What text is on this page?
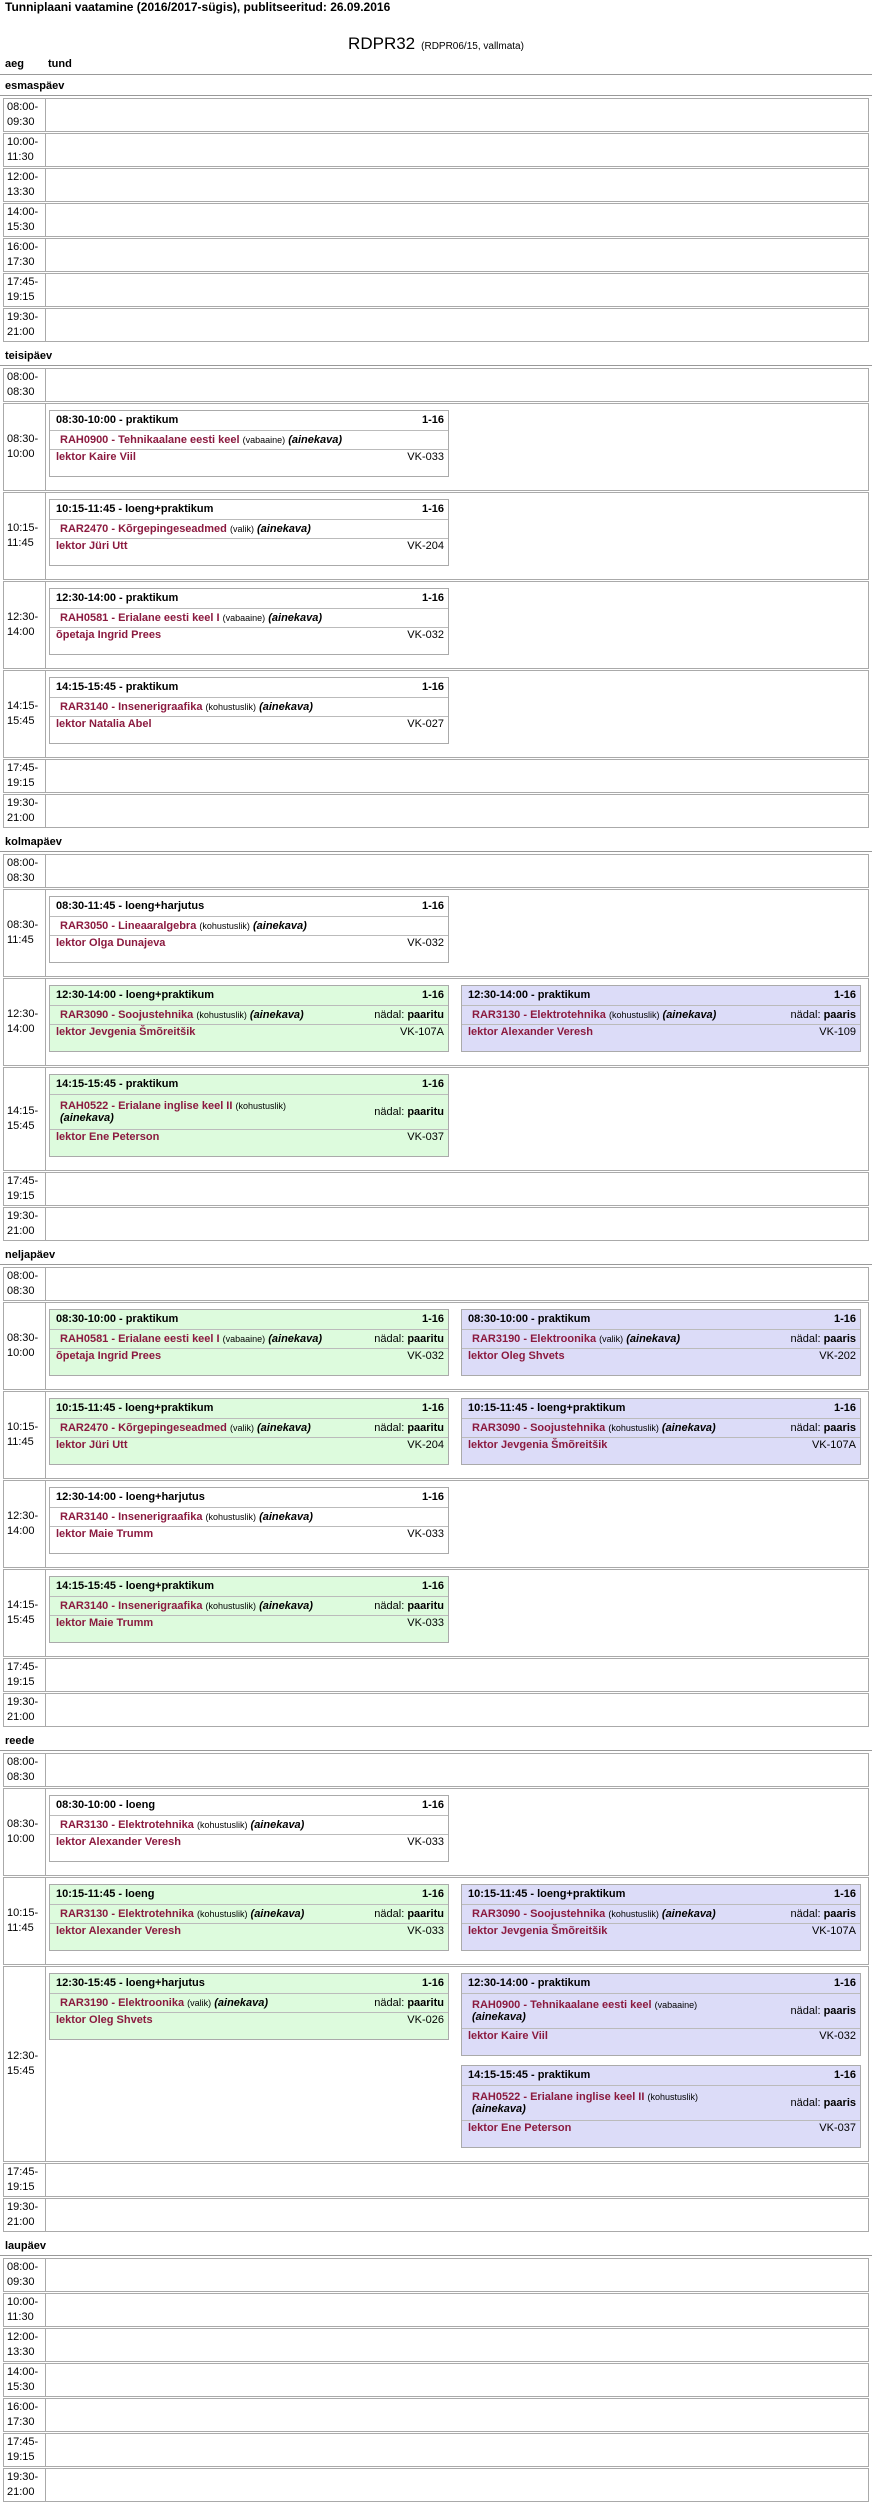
Tunniplaani vaatamine (2016/2017-sügis), publitseeritud: 26.09.2016
RDPR32 (RDPR06/15, vallmata)
aeg tund
esmaspäev
08:00-
09:30
10:00-
11:30
12:00-
13:30
14:00-
15:30
16:00-
17:30
17:45-
19:15
19:30-
21:00
teisipäev
08:00-
08:30
08:30-
10:00
08:30-10:00 - praktikum	1-16
RAH0900 - Tehnikaalane eesti keel (vabaaine) (ainekava)
lektor Kaire Viil	VK-033
10:15-
11:45
10:15-11:45 - loeng+praktikum	1-16
RAR2470 - Kõrgepingeseadmed (valik) (ainekava)
lektor Jüri Utt	VK-204
12:30-
14:00
12:30-14:00 - praktikum	1-16
RAH0581 - Erialane eesti keel I (vabaaine) (ainekava)
õpetaja Ingrid Prees	VK-032
14:15-
15:45
14:15-15:45 - praktikum	1-16
RAR3140 - Insenerigraafika (kohustuslik) (ainekava)
lektor Natalia Abel	VK-027
17:45-
19:15
19:30-
21:00
kolmapäev
08:00-
08:30
08:30-
11:45
08:30-11:45 - loeng+harjutus	1-16
RAR3050 - Lineaaralgebra (kohustuslik) (ainekava)
lektor Olga Dunajeva	VK-032
12:30-
14:00
12:30-14:00 - loeng+praktikum	1-16
RAR3090 - Soojustehnika (kohustuslik) (ainekava)	nädal: paaritu
lektor Jevgenia Šmõreitšik	VK-107A
12:30-14:00 - praktikum	1-16
RAR3130 - Elektrotehnika (kohustuslik) (ainekava)	nädal: paaris
lektor Alexander Veresh	VK-109
14:15-
15:45
14:15-15:45 - praktikum	1-16
RAH0522 - Erialane inglise keel II (kohustuslik) (ainekava)	nädal: paaritu
lektor Ene Peterson	VK-037
17:45-
19:15
19:30-
21:00
neljapäev
08:00-
08:30
08:30-
10:00
08:30-10:00 - praktikum	1-16
RAH0581 - Erialane eesti keel I (vabaaine) (ainekava)	nädal: paaritu
õpetaja Ingrid Prees	VK-032
08:30-10:00 - praktikum	1-16
RAR3190 - Elektroonika (valik) (ainekava)	nädal: paaris
lektor Oleg Shvets	VK-202
10:15-
11:45
10:15-11:45 - loeng+praktikum	1-16
RAR2470 - Kõrgepingeseadmed (valik) (ainekava)	nädal: paaritu
lektor Jüri Utt	VK-204
10:15-11:45 - loeng+praktikum	1-16
RAR3090 - Soojustehnika (kohustuslik) (ainekava)	nädal: paaris
lektor Jevgenia Šmõreitšik	VK-107A
12:30-
14:00
12:30-14:00 - loeng+harjutus	1-16
RAR3140 - Insenerigraafika (kohustuslik) (ainekava)
lektor Maie Trumm	VK-033
14:15-
15:45
14:15-15:45 - loeng+praktikum	1-16
RAR3140 - Insenerigraafika (kohustuslik) (ainekava)	nädal: paaritu
lektor Maie Trumm	VK-033
17:45-
19:15
19:30-
21:00
reede
08:00-
08:30
08:30-
10:00
08:30-10:00 - loeng	1-16
RAR3130 - Elektrotehnika (kohustuslik) (ainekava)
lektor Alexander Veresh	VK-033
10:15-
11:45
10:15-11:45 - loeng	1-16
RAR3130 - Elektrotehnika (kohustuslik) (ainekava)	nädal: paaritu
lektor Alexander Veresh	VK-033
10:15-11:45 - loeng+praktikum	1-16
RAR3090 - Soojustehnika (kohustuslik) (ainekava)	nädal: paaris
lektor Jevgenia Šmõreitšik	VK-107A
12:30-
15:45
12:30-15:45 - loeng+harjutus	1-16
RAR3190 - Elektroonika (valik) (ainekava)	nädal: paaritu
lektor Oleg Shvets	VK-026
12:30-14:00 - praktikum	1-16
RAH0900 - Tehnikaalane eesti keel (vabaaine) (ainekava)	nädal: paaris
lektor Kaire Viil	VK-032
14:15-15:45 - praktikum	1-16
RAH0522 - Erialane inglise keel II (kohustuslik) (ainekava)	nädal: paaris
lektor Ene Peterson	VK-037
17:45-
19:15
19:30-
21:00
laupäev
08:00-
09:30
10:00-
11:30
12:00-
13:30
14:00-
15:30
16:00-
17:30
17:45-
19:15
19:30-
21:00
